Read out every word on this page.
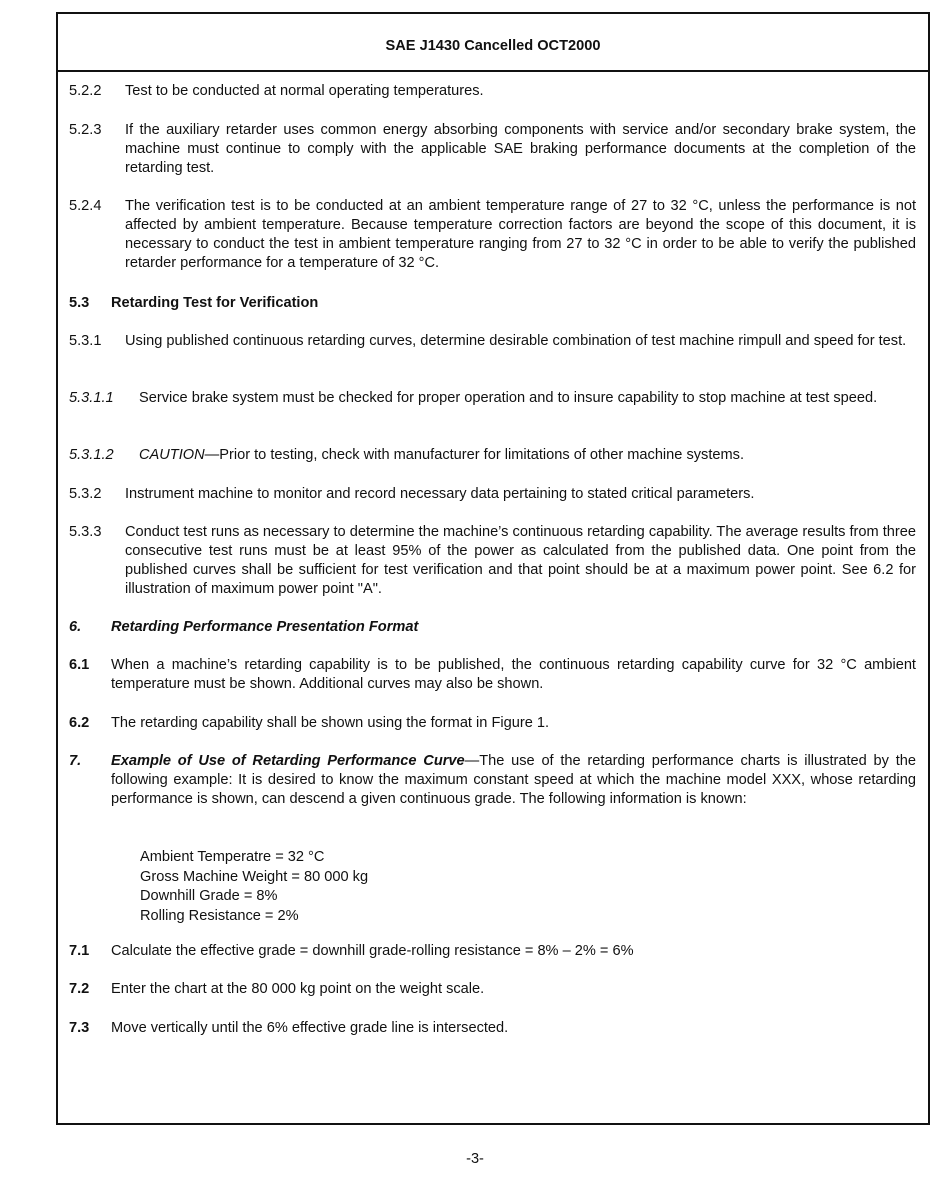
SAE J1430 Cancelled OCT2000
5.2.2	Test to be conducted at normal operating temperatures.
5.2.3	If the auxiliary retarder uses common energy absorbing components with service and/or secondary brake system, the machine must continue to comply with the applicable SAE braking performance documents at the completion of the retarding test.
5.2.4	The verification test is to be conducted at an ambient temperature range of 27 to 32 °C, unless the performance is not affected by ambient temperature. Because temperature correction factors are beyond the scope of this document, it is necessary to conduct the test in ambient temperature ranging from 27 to 32 °C in order to be able to verify the published retarder performance for a temperature of 32 °C.
5.3	Retarding Test for Verification
5.3.1	Using published continuous retarding curves, determine desirable combination of test machine rimpull and speed for test.
5.3.1.1	Service brake system must be checked for proper operation and to insure capability to stop machine at test speed.
5.3.1.2	CAUTION—Prior to testing, check with manufacturer for limitations of other machine systems.
5.3.2	Instrument machine to monitor and record necessary data pertaining to stated critical parameters.
5.3.3	Conduct test runs as necessary to determine the machine’s continuous retarding capability. The average results from three consecutive test runs must be at least 95% of the power as calculated from the published data. One point from the published curves shall be sufficient for test verification and that point should be at a maximum power point. See 6.2 for illustration of maximum power point "A".
6.	Retarding Performance Presentation Format
6.1	When a machine’s retarding capability is to be published, the continuous retarding capability curve for 32 °C ambient temperature must be shown. Additional curves may also be shown.
6.2	The retarding capability shall be shown using the format in Figure 1.
7.	Example of Use of Retarding Performance Curve—The use of the retarding performance charts is illustrated by the following example: It is desired to know the maximum constant speed at which the machine model XXX, whose retarding performance is shown, can descend a given continuous grade. The following information is known:
Ambient Temperatre = 32 °C
Gross Machine Weight = 80 000 kg
Downhill Grade = 8%
Rolling Resistance = 2%
7.1	Calculate the effective grade = downhill grade-rolling resistance = 8% – 2% = 6%
7.2	Enter the chart at the 80 000 kg point on the weight scale.
7.3	Move vertically until the 6% effective grade line is intersected.
-3-
